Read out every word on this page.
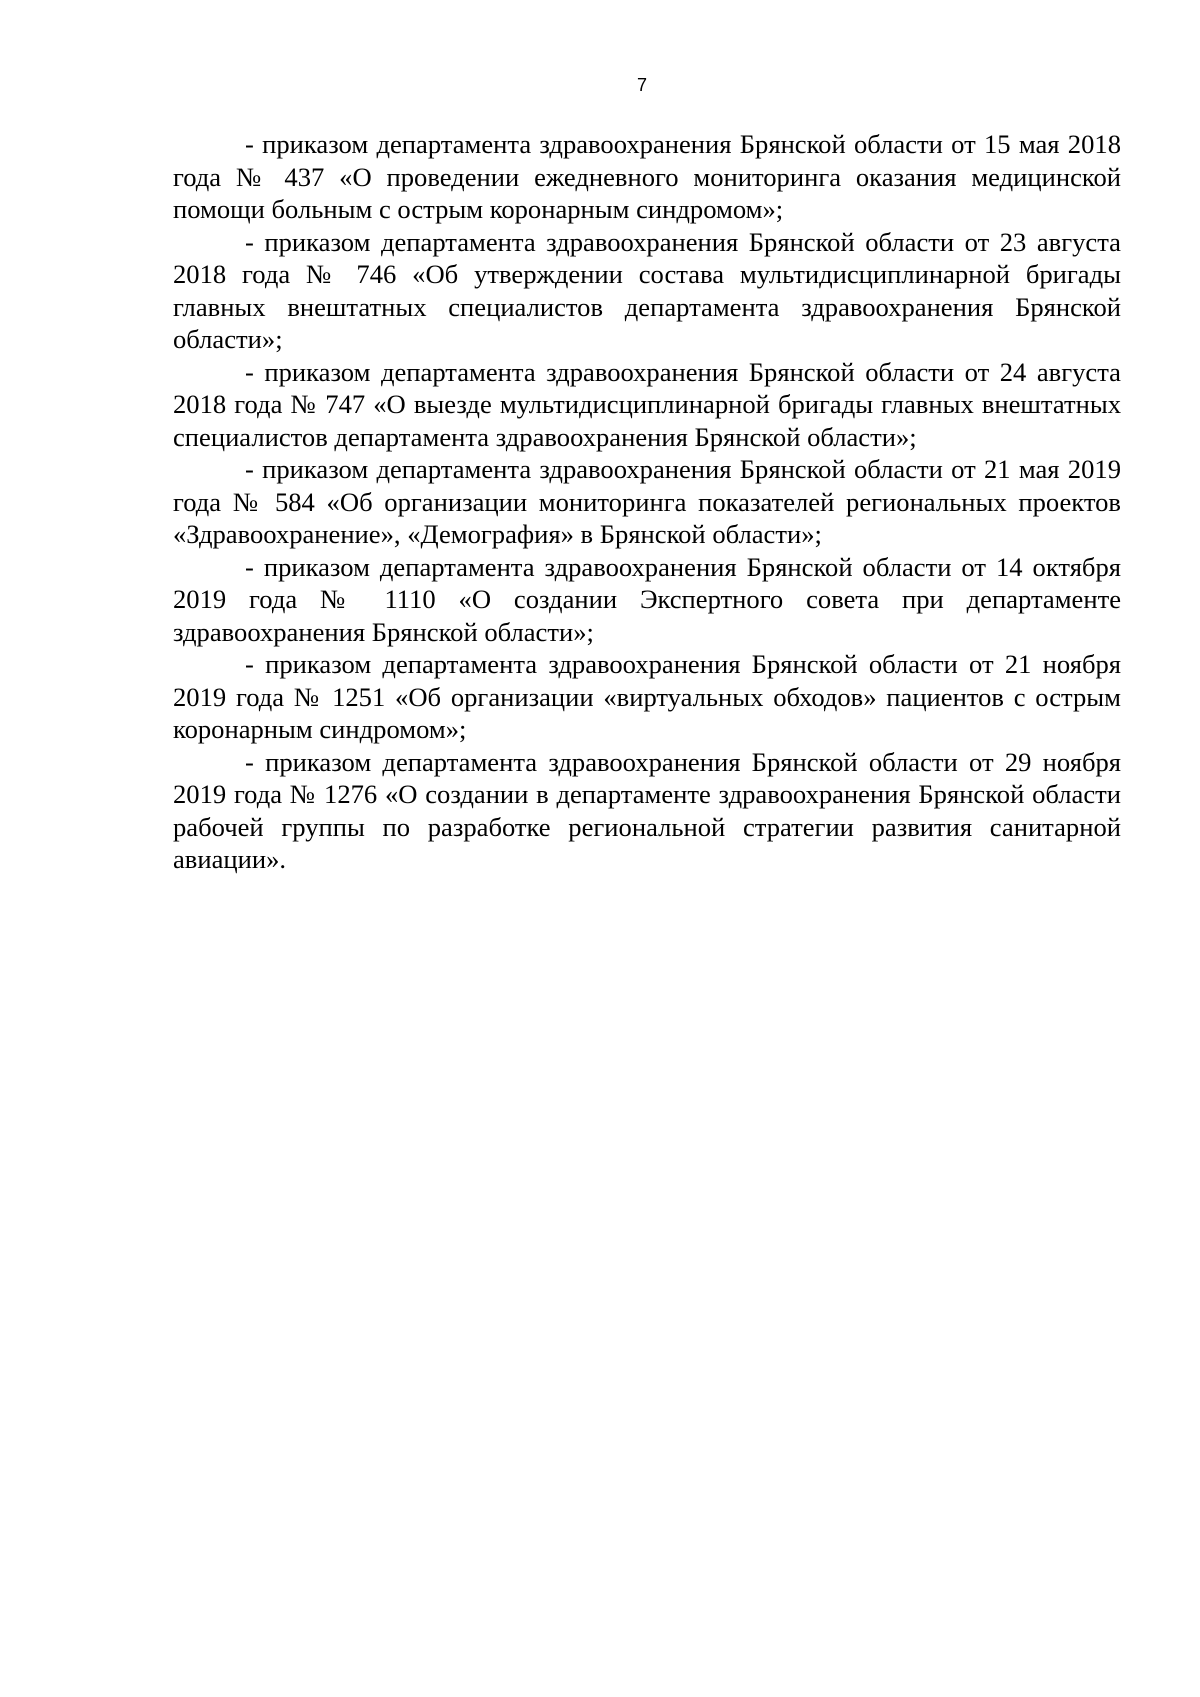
7

- приказом департамента здравоохранения Брянской области от 15 мая 2018 года № 437 «О проведении ежедневного мониторинга оказания медицинской помощи больным с острым коронарным синдромом»;

- приказом департамента здравоохранения Брянской области от 23 августа 2018 года № 746 «Об утверждении состава мультидисциплинарной бригады главных внештатных специалистов департамента здравоохранения Брянской области»;

- приказом департамента здравоохранения Брянской области от 24 августа 2018 года № 747 «О выезде мультидисциплинарной бригады главных внештатных специалистов департамента здравоохранения Брянской области»;

- приказом департамента здравоохранения Брянской области от 21 мая 2019 года № 584 «Об организации мониторинга показателей региональных проектов «Здравоохранение», «Демография» в Брянской области»;

- приказом департамента здравоохранения Брянской области от 14 октября 2019 года № 1110 «О создании Экспертного совета при департаменте здравоохранения Брянской области»;

- приказом департамента здравоохранения Брянской области от 21 ноября 2019 года № 1251 «Об организации «виртуальных обходов» пациентов с острым коронарным синдромом»;

- приказом департамента здравоохранения Брянской области от 29 ноября 2019 года № 1276 «О создании в департаменте здравоохранения Брянской области рабочей группы по разработке региональной стратегии развития санитарной авиации».
